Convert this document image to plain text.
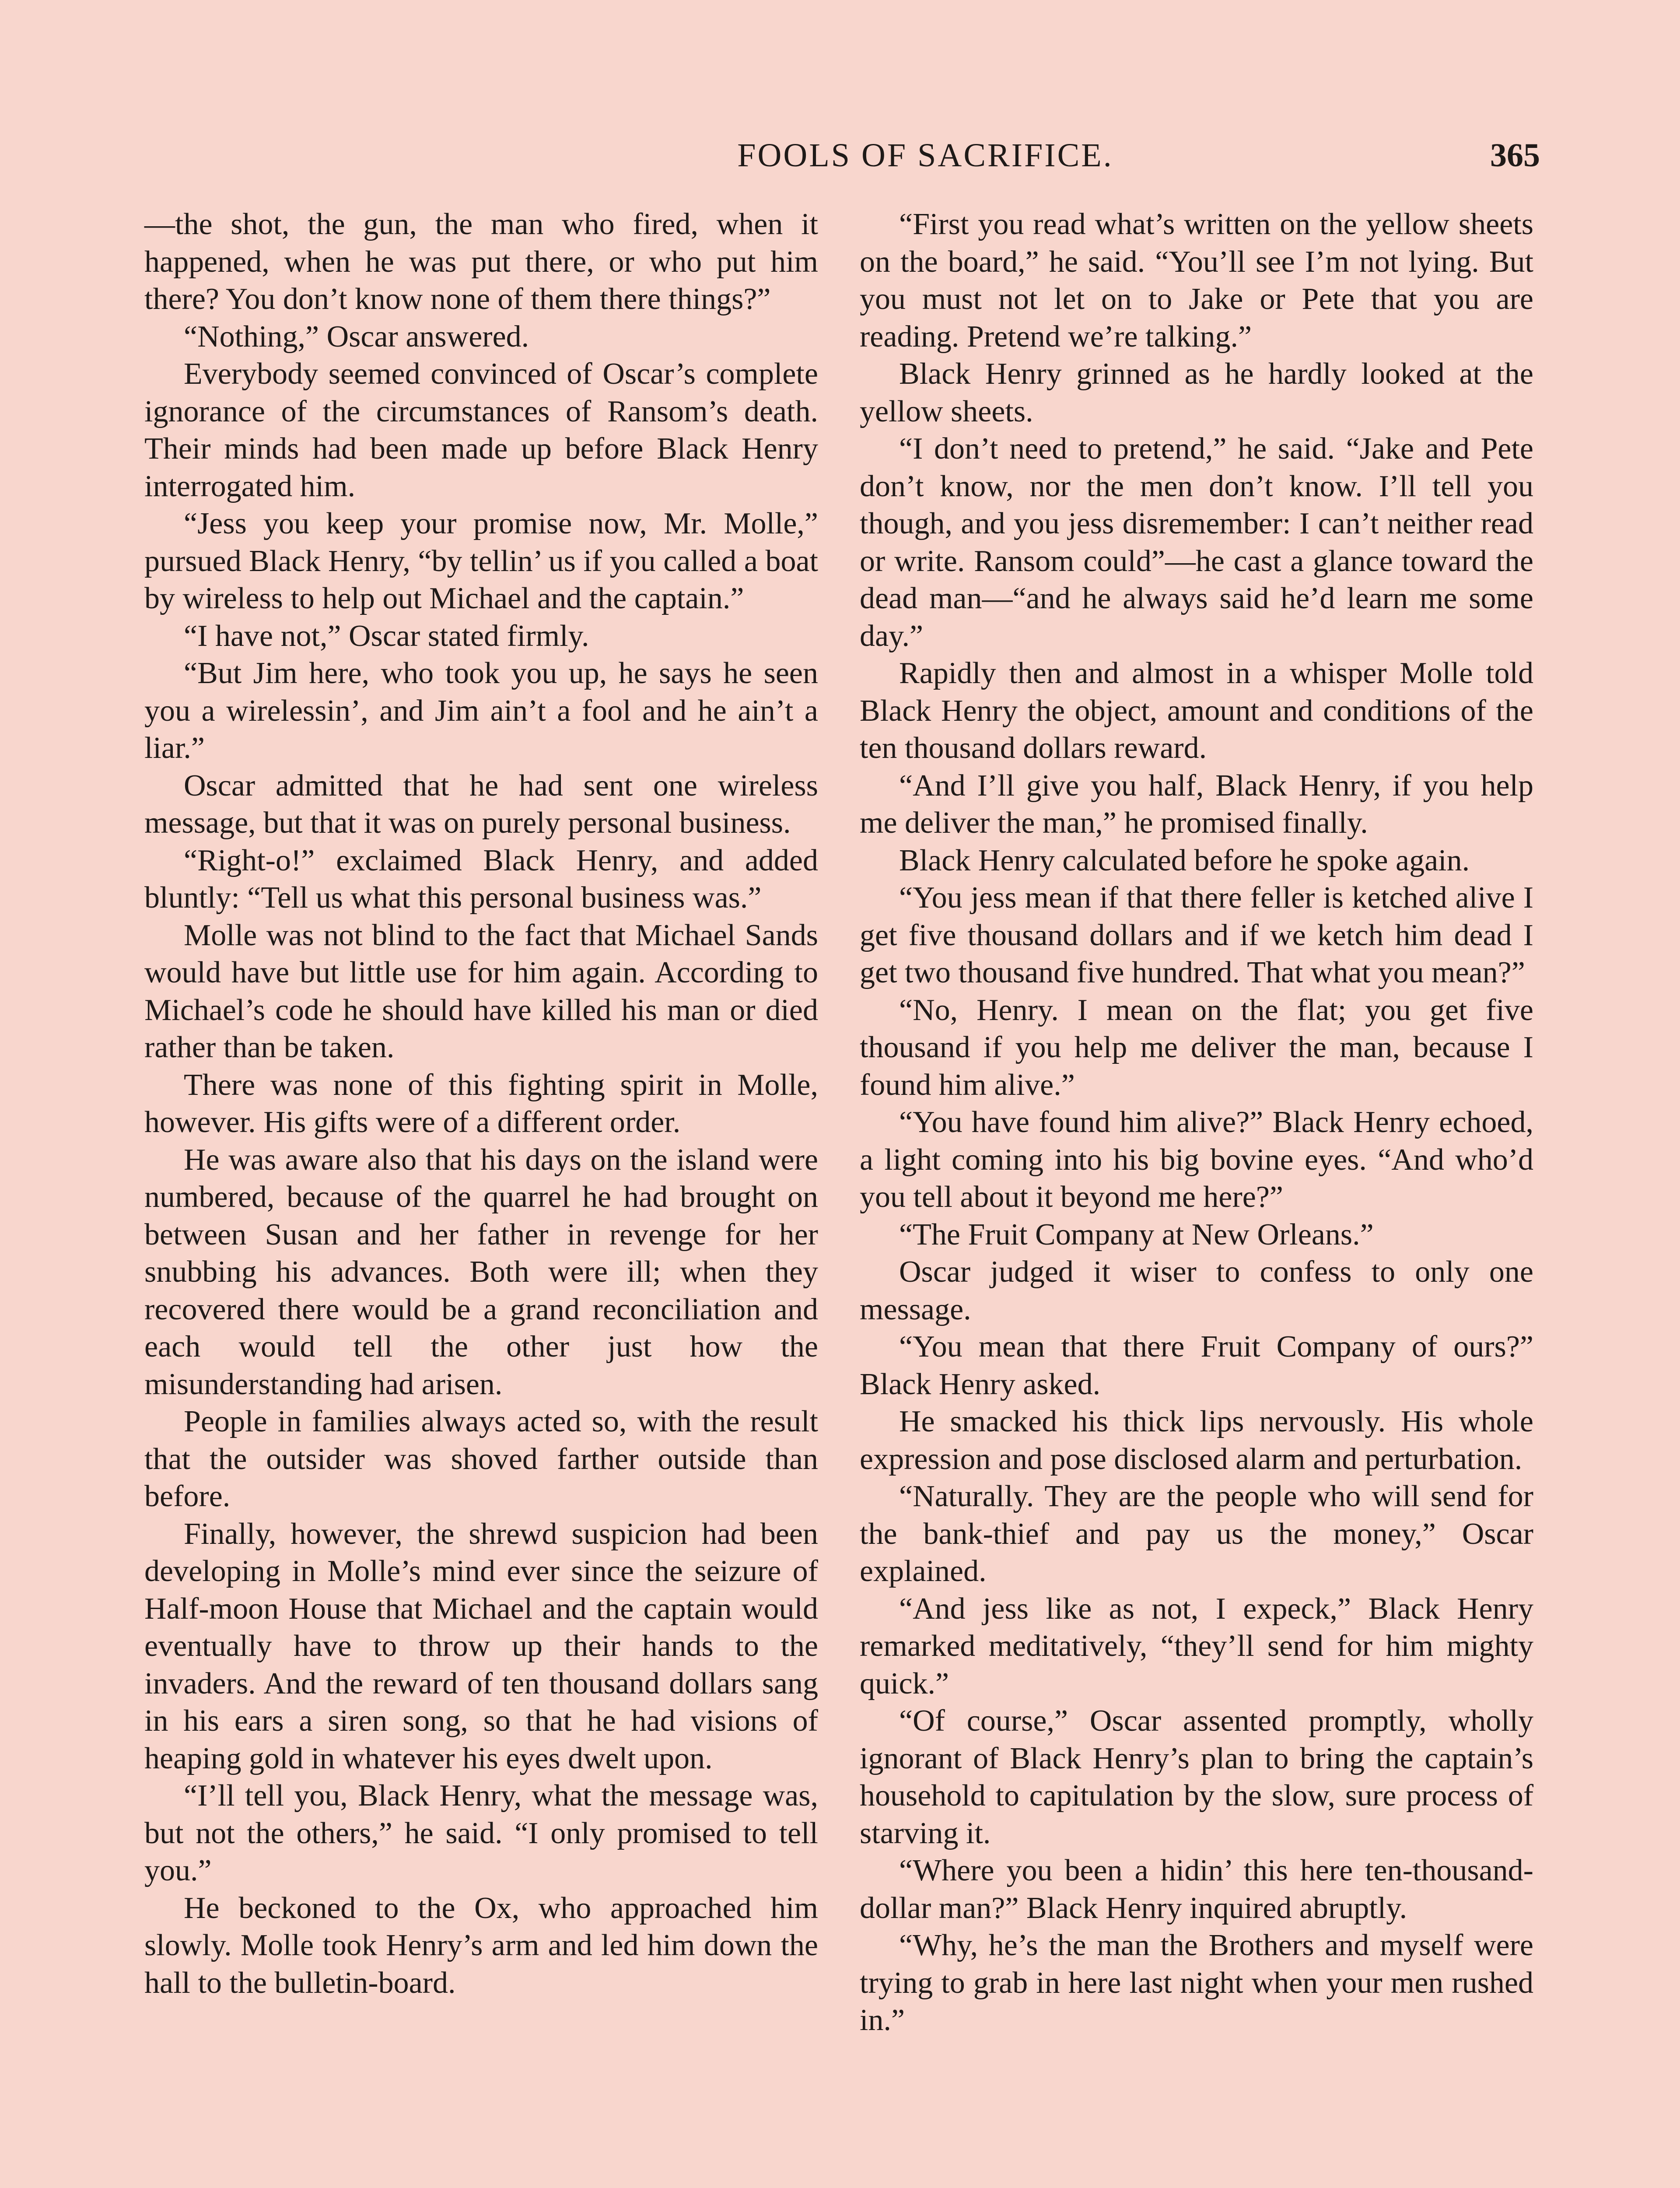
FOOLS OF SACRIFICE.	365

—the shot, the gun, the man who fired, when it happened, when he was put there, or who put him there? You don’t know none of them there things?”

“Nothing,” Oscar answered.

Everybody seemed convinced of Oscar’s complete ignorance of the circumstances of Ransom’s death. Their minds had been made up before Black Henry interrogated him.

“Jess you keep your promise now, Mr. Molle,” pursued Black Henry, “by tellin’ us if you called a boat by wireless to help out Michael and the captain.”

“I have not,” Oscar stated firmly.

“But Jim here, who took you up, he says he seen you a wirelessin’, and Jim ain’t a fool and he ain’t a liar.”

Oscar admitted that he had sent one wireless message, but that it was on purely personal business.

“Right-o!” exclaimed Black Henry, and added bluntly: “Tell us what this personal business was.”

Molle was not blind to the fact that Michael Sands would have but little use for him again. According to Michael’s code he should have killed his man or died rather than be taken.

There was none of this fighting spirit in Molle, however. His gifts were of a different order.

He was aware also that his days on the island were numbered, because of the quarrel he had brought on between Susan and her father in revenge for her snubbing his advances. Both were ill; when they recovered there would be a grand reconciliation and each would tell the other just how the misunderstanding had arisen.

People in families always acted so, with the result that the outsider was shoved farther outside than before.

Finally, however, the shrewd suspicion had been developing in Molle’s mind ever since the seizure of Half-moon House that Michael and the captain would eventually have to throw up their hands to the invaders. And the reward of ten thousand dollars sang in his ears a siren song, so that he had visions of heaping gold in whatever his eyes dwelt upon.

“I’ll tell you, Black Henry, what the message was, but not the others,” he said. “I only promised to tell you.”

He beckoned to the Ox, who approached him slowly. Molle took Henry’s arm and led him down the hall to the bulletin-board.

“First you read what’s written on the yellow sheets on the board,” he said. “You’ll see I’m not lying. But you must not let on to Jake or Pete that you are reading. Pretend we’re talking.”

Black Henry grinned as he hardly looked at the yellow sheets.

“I don’t need to pretend,” he said. “Jake and Pete don’t know, nor the men don’t know. I’ll tell you though, and you jess disremember: I can’t neither read or write. Ransom could”—he cast a glance toward the dead man—“and he always said he’d learn me some day.”

Rapidly then and almost in a whisper Molle told Black Henry the object, amount and conditions of the ten thousand dollars reward.

“And I’ll give you half, Black Henry, if you help me deliver the man,” he promised finally.

Black Henry calculated before he spoke again.

“You jess mean if that there feller is ketched alive I get five thousand dollars and if we ketch him dead I get two thousand five hundred. That what you mean?”

“No, Henry. I mean on the flat; you get five thousand if you help me deliver the man, because I found him alive.”

“You have found him alive?” Black Henry echoed, a light coming into his big bovine eyes. “And who’d you tell about it beyond me here?”

“The Fruit Company at New Orleans.”

Oscar judged it wiser to confess to only one message.

“You mean that there Fruit Company of ours?” Black Henry asked.

He smacked his thick lips nervously. His whole expression and pose disclosed alarm and perturbation.

“Naturally. They are the people who will send for the bank-thief and pay us the money,” Oscar explained.

“And jess like as not, I expeck,” Black Henry remarked meditatively, “they’ll send for him mighty quick.”

“Of course,” Oscar assented promptly, wholly ignorant of Black Henry’s plan to bring the captain’s household to capitulation by the slow, sure process of starving it.

“Where you been a hidin’ this here ten-thousand-dollar man?” Black Henry inquired abruptly.

“Why, he’s the man the Brothers and myself were trying to grab in here last night when your men rushed in.”
